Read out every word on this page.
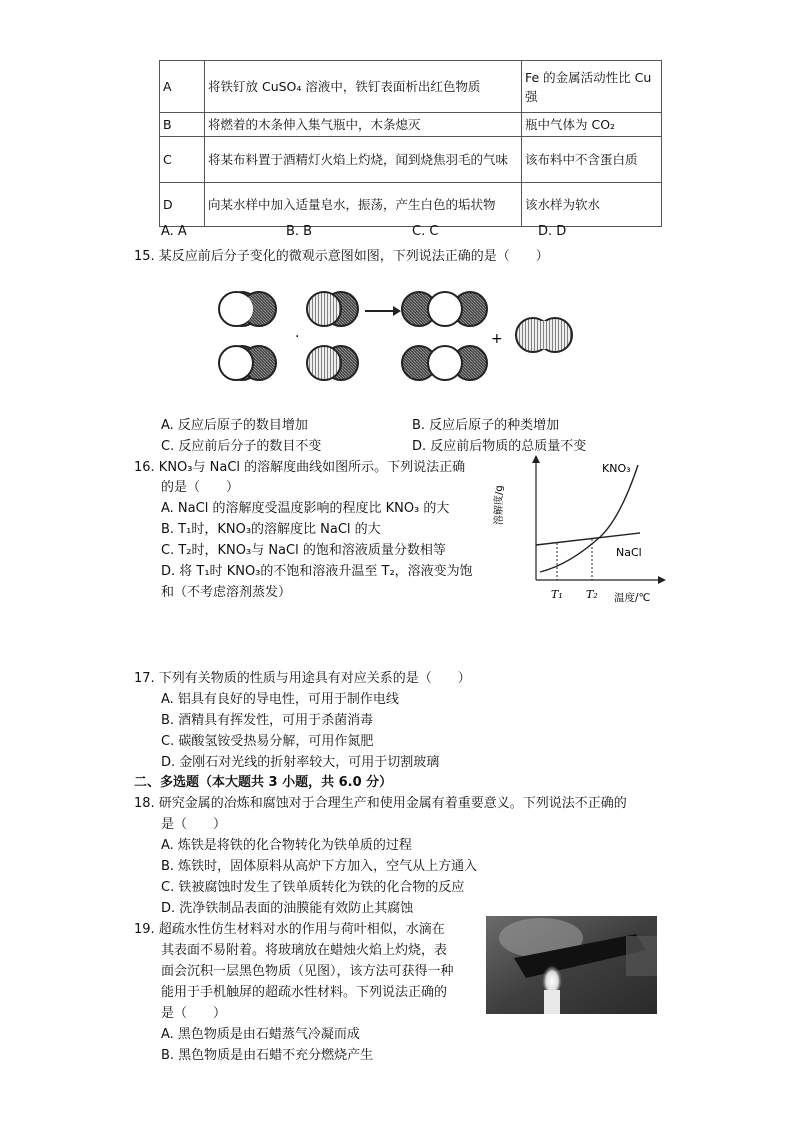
A	将铁钉放 CuSO₄ 溶液中，铁钉表面析出红色物质	Fe 的金属活动性比 Cu 强
B	将燃着的木条伸入集气瓶中，木条熄灭	瓶中气体为 CO₂
C	将某布料置于酒精灯火焰上灼烧，闻到烧焦羽毛的气味	该布料中不含蛋白质
D	向某水样中加入适量皂水，振荡，产生白色的垢状物	该水样为软水
A. A	B. B	C. C	D. D
15. 某反应前后分子变化的微观示意图如图，下列说法正确的是（　　）
·	+
A. 反应后原子的数目增加	B. 反应后原子的种类增加
C. 反应前后分子的数目不变	D. 反应前后物质的总质量不变
16. KNO₃与 NaCl 的溶解度曲线如图所示。下列说法正确
的是（　　）
A. NaCl 的溶解度受温度影响的程度比 KNO₃ 的大
B. T₁时，KNO₃的溶解度比 NaCl 的大
C. T₂时，KNO₃与 NaCl 的饱和溶液质量分数相等
D. 将 T₁时 KNO₃的不饱和溶液升温至 T₂，溶液变为饱
和（不考虑溶剂蒸发）
溶解度/g
KNO₃
NaCl
T₁ T₂ 温度/℃
17. 下列有关物质的性质与用途具有对应关系的是（　　）
A. 铝具有良好的导电性，可用于制作电线
B. 酒精具有挥发性，可用于杀菌消毒
C. 碳酸氢铵受热易分解，可用作氮肥
D. 金刚石对光线的折射率较大，可用于切割玻璃
二、多选题（本大题共 3 小题，共 6.0 分）
18. 研究金属的冶炼和腐蚀对于合理生产和使用金属有着重要意义。下列说法不正确的
是（　　）
A. 炼铁是将铁的化合物转化为铁单质的过程
B. 炼铁时，固体原料从高炉下方加入，空气从上方通入
C. 铁被腐蚀时发生了铁单质转化为铁的化合物的反应
D. 洗净铁制品表面的油膜能有效防止其腐蚀
19. 超疏水性仿生材料对水的作用与荷叶相似，水滴在
其表面不易附着。将玻璃放在蜡烛火焰上灼烧，表
面会沉积一层黑色物质（见图），该方法可获得一种
能用于手机触屏的超疏水性材料。下列说法正确的
是（　　）
A. 黑色物质是由石蜡蒸气冷凝而成
B. 黑色物质是由石蜡不充分燃烧产生
